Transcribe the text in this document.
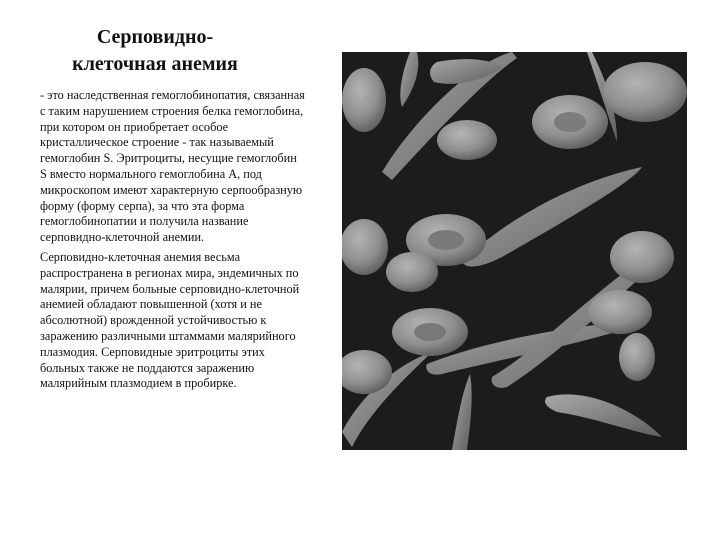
Серповидно-
клеточная анемия

- это наследственная гемоглобинопатия, связанная с таким нарушением строения белка гемоглобина, при котором он приобретает особое кристаллическое строение - так называемый гемоглобин S. Эритроциты, несущие гемоглобин S вместо нормального гемоглобина А, под микроскопом имеют характерную серпообразную форму (форму серпа), за что эта форма гемоглобинопатии и получила название серповидно-клеточной анемии.

Серповидно-клеточная анемия весьма распространена в регионах мира, эндемичных по малярии, причем больные серповидно-клеточной анемией обладают повышенной (хотя и не абсолютной) врожденной устойчивостью к заражению различными штаммами малярийного плазмодия. Серповидные эритроциты этих больных также не поддаются заражению малярийным плазмодием в пробирке.
